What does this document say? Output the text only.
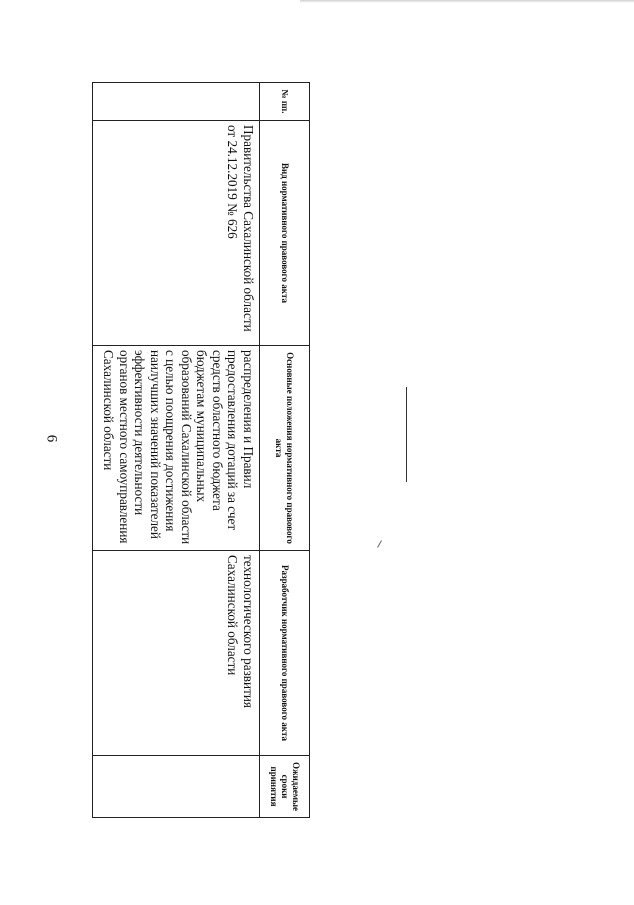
6
№ пп.	Вид нормативного правового акта	Основные положения нормативного правового акта	Разработчик нормативного правового акта	Ожидаемые сроки принятия
	Правительства Сахалинской области от 24.12.2019 № 626	распределения и Правил предоставления дотаций за счет средств областного бюджета бюджетам муниципальных образований Сахалинской области с целью поощрения достижения наилучших значений показателей эффективности деятельности органов местного самоуправления Сахалинской области	технологического развития Сахалинской области	
